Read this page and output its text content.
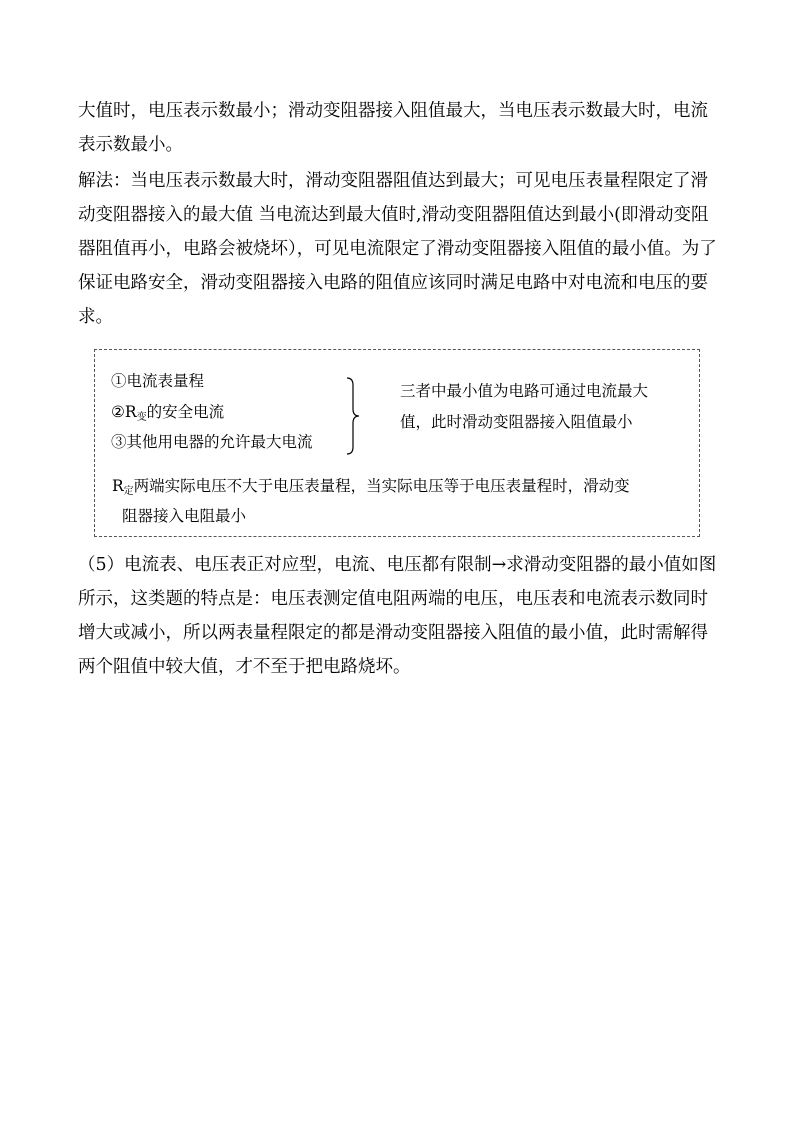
大值时，电压表示数最小；滑动变阻器接入阻值最大，当电压表示数最大时，电流表示数最小。

解法：当电压表示数最大时，滑动变阻器阻值达到最大；可见电压表量程限定了滑动变阻器接入的最大值 当电流达到最大值时,滑动变阻器阻值达到最小(即滑动变阻器阻值再小，电路会被烧坏），可见电流限定了滑动变阻器接入阻值的最小值。为了保证电路安全，滑动变阻器接入电路的阻值应该同时满足电路中对电流和电压的要求。

①电流表量程
$②R_变$的安全电流
③其他用电器的允许最大电流
三者中最小值为电路可通过电流最大
值，此时滑动变阻器接入阻值最小
$R_定$两端实际电压不大于电压表量程，当实际电压等于电压表量程时，滑动变
阻器接入电阻最小

（5）电流表、电压表正对应型，电流、电压都有限制→求滑动变阻器的最小值如图所示，这类题的特点是：电压表测定值电阻两端的电压，电压表和电流表示数同时增大或减小，所以两表量程限定的都是滑动变阻器接入阻值的最小值，此时需解得两个阻值中较大值，才不至于把电路烧坏。
